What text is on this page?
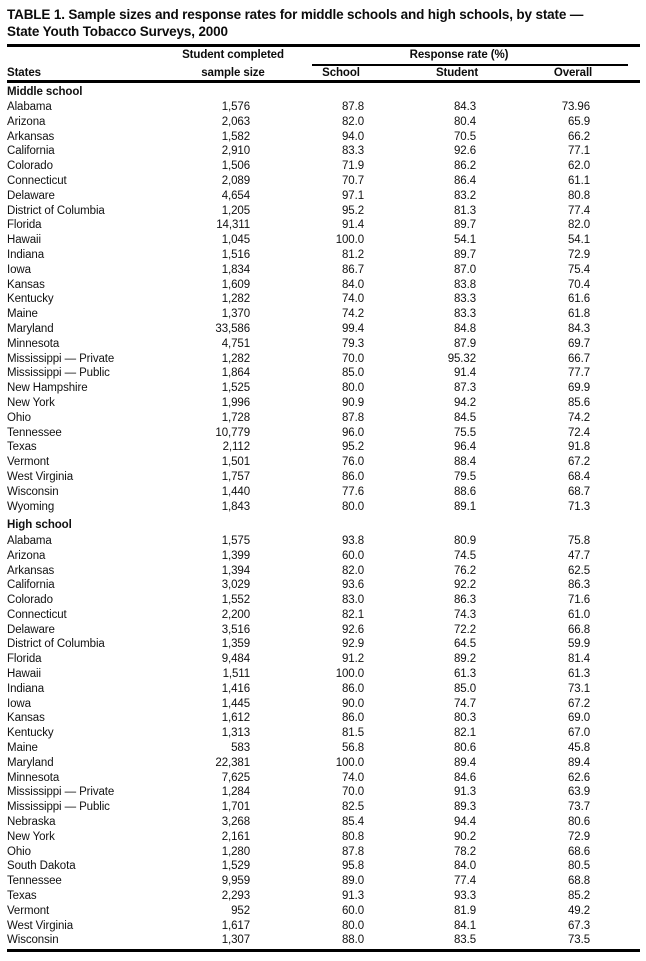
TABLE 1. Sample sizes and response rates for middle schools and high schools, by state —
State Youth Tobacco Surveys, 2000
Student completed	Response rate (%)
States	sample size	School	Student	Overall
Middle school
Alabama	1,576	87.8	84.3	73.96
Arizona	2,063	82.0	80.4	65.9
Arkansas	1,582	94.0	70.5	66.2
California	2,910	83.3	92.6	77.1
Colorado	1,506	71.9	86.2	62.0
Connecticut	2,089	70.7	86.4	61.1
Delaware	4,654	97.1	83.2	80.8
District of Columbia	1,205	95.2	81.3	77.4
Florida	14,311	91.4	89.7	82.0
Hawaii	1,045	100.0	54.1	54.1
Indiana	1,516	81.2	89.7	72.9
Iowa	1,834	86.7	87.0	75.4
Kansas	1,609	84.0	83.8	70.4
Kentucky	1,282	74.0	83.3	61.6
Maine	1,370	74.2	83.3	61.8
Maryland	33,586	99.4	84.8	84.3
Minnesota	4,751	79.3	87.9	69.7
Mississippi — Private	1,282	70.0	95.32	66.7
Mississippi — Public	1,864	85.0	91.4	77.7
New Hampshire	1,525	80.0	87.3	69.9
New York	1,996	90.9	94.2	85.6
Ohio	1,728	87.8	84.5	74.2
Tennessee	10,779	96.0	75.5	72.4
Texas	2,112	95.2	96.4	91.8
Vermont	1,501	76.0	88.4	67.2
West Virginia	1,757	86.0	79.5	68.4
Wisconsin	1,440	77.6	88.6	68.7
Wyoming	1,843	80.0	89.1	71.3
High school
Alabama	1,575	93.8	80.9	75.8
Arizona	1,399	60.0	74.5	47.7
Arkansas	1,394	82.0	76.2	62.5
California	3,029	93.6	92.2	86.3
Colorado	1,552	83.0	86.3	71.6
Connecticut	2,200	82.1	74.3	61.0
Delaware	3,516	92.6	72.2	66.8
District of Columbia	1,359	92.9	64.5	59.9
Florida	9,484	91.2	89.2	81.4
Hawaii	1,511	100.0	61.3	61.3
Indiana	1,416	86.0	85.0	73.1
Iowa	1,445	90.0	74.7	67.2
Kansas	1,612	86.0	80.3	69.0
Kentucky	1,313	81.5	82.1	67.0
Maine	583	56.8	80.6	45.8
Maryland	22,381	100.0	89.4	89.4
Minnesota	7,625	74.0	84.6	62.6
Mississippi — Private	1,284	70.0	91.3	63.9
Mississippi — Public	1,701	82.5	89.3	73.7
Nebraska	3,268	85.4	94.4	80.6
New York	2,161	80.8	90.2	72.9
Ohio	1,280	87.8	78.2	68.6
South Dakota	1,529	95.8	84.0	80.5
Tennessee	9,959	89.0	77.4	68.8
Texas	2,293	91.3	93.3	85.2
Vermont	952	60.0	81.9	49.2
West Virginia	1,617	80.0	84.1	67.3
Wisconsin	1,307	88.0	83.5	73.5
